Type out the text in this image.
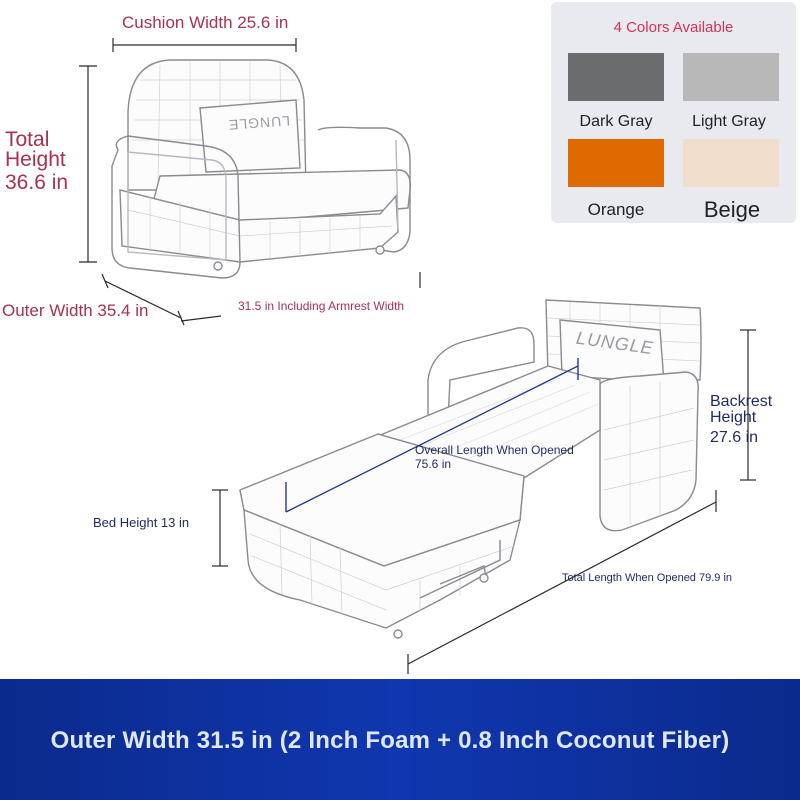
LUNGLE
LUNGLE
Cushion Width 25.6 in
Total
Height
36.6 in
Outer Width 35.4 in	31.5 in Including Armrest Width
4 Colors Available
Dark Gray	Light Gray
Orange	Beige
Backrest
Height
27.6 in
Overall Length When Opened
75.6 in
Bed Height 13 in
Total Length When Opened 79.9 in
Outer Width 31.5 in (2 Inch Foam + 0.8 Inch Coconut Fiber)
